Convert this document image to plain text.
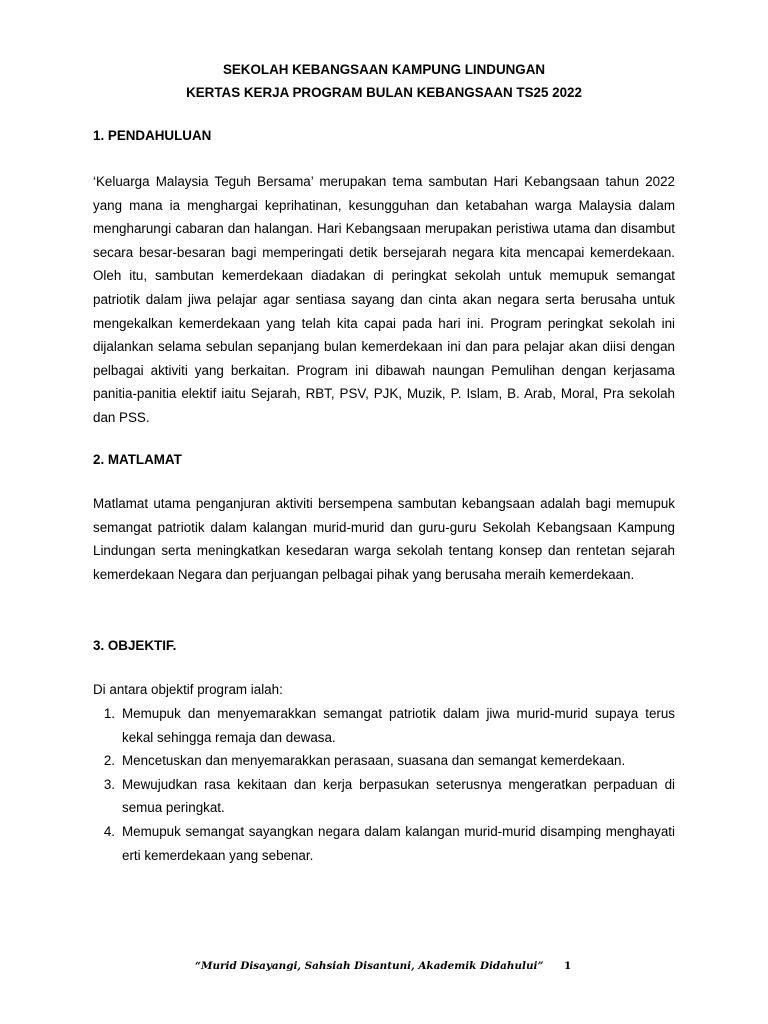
SEKOLAH KEBANGSAAN KAMPUNG LINDUNGAN
KERTAS KERJA PROGRAM BULAN KEBANGSAAN TS25 2022
1. PENDAHULUAN
‘Keluarga Malaysia Teguh Bersama’ merupakan tema sambutan Hari Kebangsaan tahun 2022 yang mana ia menghargai keprihatinan, kesungguhan dan ketabahan warga Malaysia dalam mengharungi cabaran dan halangan. Hari Kebangsaan merupakan peristiwa utama dan disambut secara besar-besaran bagi memperingati detik bersejarah negara kita mencapai kemerdekaan. Oleh itu, sambutan kemerdekaan diadakan di peringkat sekolah untuk memupuk semangat patriotik dalam jiwa pelajar agar sentiasa sayang dan cinta akan negara serta berusaha untuk mengekalkan kemerdekaan yang telah kita capai pada hari ini. Program peringkat sekolah ini dijalankan selama sebulan sepanjang bulan kemerdekaan ini dan para pelajar akan diisi dengan pelbagai aktiviti yang berkaitan. Program ini dibawah naungan Pemulihan dengan kerjasama panitia-panitia elektif iaitu Sejarah, RBT, PSV, PJK, Muzik, P. Islam, B. Arab, Moral, Pra sekolah dan PSS.
2. MATLAMAT
Matlamat utama penganjuran aktiviti bersempena sambutan kebangsaan adalah bagi memupuk semangat patriotik dalam kalangan murid-murid dan guru-guru Sekolah Kebangsaan Kampung Lindungan serta meningkatkan kesedaran warga sekolah tentang konsep dan rentetan sejarah kemerdekaan Negara dan perjuangan pelbagai pihak yang berusaha meraih kemerdekaan.
3. OBJEKTIF.
Di antara objektif program ialah:
1. Memupuk dan menyemarakkan semangat patriotik dalam jiwa murid-murid supaya terus kekal sehingga remaja dan dewasa.
2. Mencetuskan dan menyemarakkan perasaan, suasana dan semangat kemerdekaan.
3. Mewujudkan rasa kekitaan dan kerja berpasukan seterusnya mengeratkan perpaduan di semua peringkat.
4. Memupuk semangat sayangkan negara dalam kalangan murid-murid disamping menghayati erti kemerdekaan yang sebenar.
“Murid Disayangi, Sahsiah Disantuni, Akademik Didahului” 1
